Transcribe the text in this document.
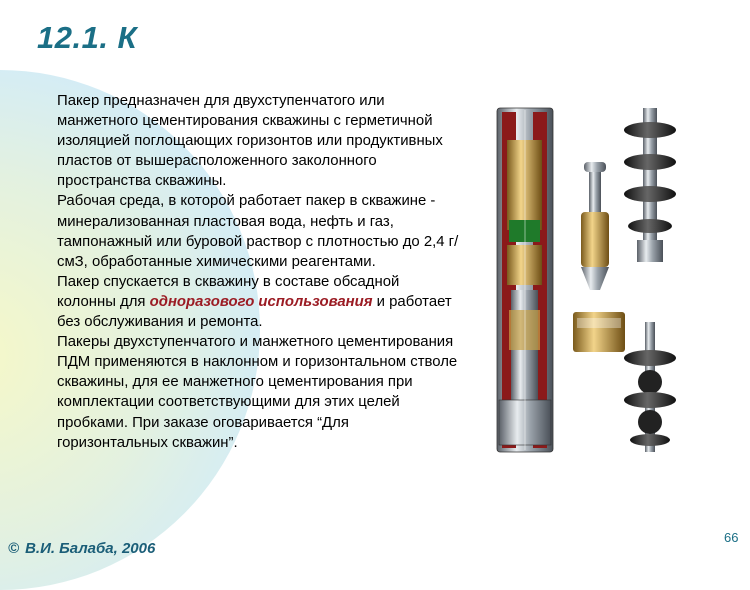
12.1. К

Пакер предназначен для двухступенчатого или манжетного цементирования скважины с герметичной изоляцией поглощающих горизонтов или продуктивных пластов от вышерасположенного заколонного пространства скважины.

Рабочая среда, в которой работает пакер в скважине - минерализованная пластовая вода, нефть и газ, тампонажный или буровой раствор с плотностью до 2,4 г/смЗ, обработанные химическими реагентами.

Пакер спускается в скважину в составе обсадной колонны для одноразового использования и работает без обслуживания и ремонта.

Пакеры двухступенчатого и манжетного цементирования ПДМ применяются в наклонном и горизонтальном стволе скважины, для ее манжетного цементирования при комплектации соответствующими для этих целей пробками. При заказе оговаривается “Для горизонтальных скважин”.

© В.И. Балаба, 2006
66
